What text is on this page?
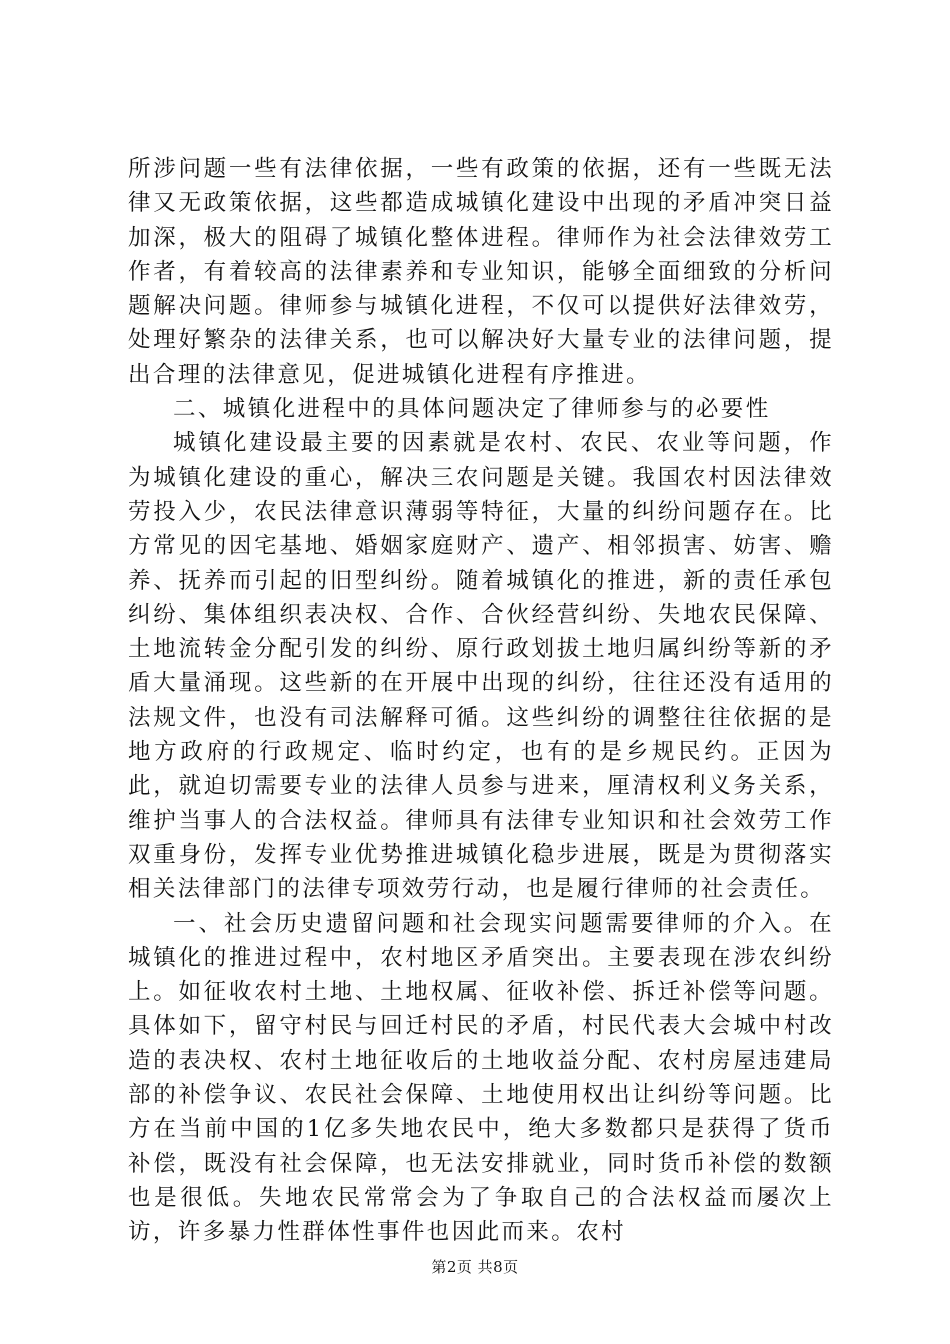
所涉问题一些有法律依据，一些有政策的依据，还有一些既无法律又无政策依据，这些都造成城镇化建设中出现的矛盾冲突日益加深，极大的阻碍了城镇化整体进程。律师作为社会法律效劳工作者，有着较高的法律素养和专业知识，能够全面细致的分析问题解决问题。律师参与城镇化进程，不仅可以提供好法律效劳，处理好繁杂的法律关系，也可以解决好大量专业的法律问题，提出合理的法律意见，促进城镇化进程有序推进。

二、城镇化进程中的具体问题决定了律师参与的必要性

城镇化建设最主要的因素就是农村、农民、农业等问题，作为城镇化建设的重心，解决三农问题是关键。我国农村因法律效劳投入少，农民法律意识薄弱等特征，大量的纠纷问题存在。比方常见的因宅基地、婚姻家庭财产、遗产、相邻损害、妨害、赡养、抚养而引起的旧型纠纷。随着城镇化的推进，新的责任承包纠纷、集体组织表决权、合作、合伙经营纠纷、失地农民保障、土地流转金分配引发的纠纷、原行政划拔土地归属纠纷等新的矛盾大量涌现。这些新的在开展中出现的纠纷，往往还没有适用的法规文件，也没有司法解释可循。这些纠纷的调整往往依据的是地方政府的行政规定、临时约定，也有的是乡规民约。正因为此，就迫切需要专业的法律人员参与进来，厘清权利义务关系，维护当事人的合法权益。律师具有法律专业知识和社会效劳工作双重身份，发挥专业优势推进城镇化稳步进展，既是为贯彻落实相关法律部门的法律专项效劳行动，也是履行律师的社会责任。

一、社会历史遗留问题和社会现实问题需要律师的介入。在城镇化的推进过程中，农村地区矛盾突出。主要表现在涉农纠纷上。如征收农村土地、土地权属、征收补偿、拆迁补偿等问题。具体如下，留守村民与回迁村民的矛盾，村民代表大会城中村改造的表决权、农村土地征收后的土地收益分配、农村房屋违建局部的补偿争议、农民社会保障、土地使用权出让纠纷等问题。比方在当前中国的1亿多失地农民中，绝大多数都只是获得了货币补偿，既没有社会保障，也无法安排就业，同时货币补偿的数额也是很低。失地农民常常会为了争取自己的合法权益而屡次上访，许多暴力性群体性事件也因此而来。农村

第2页 共8页
